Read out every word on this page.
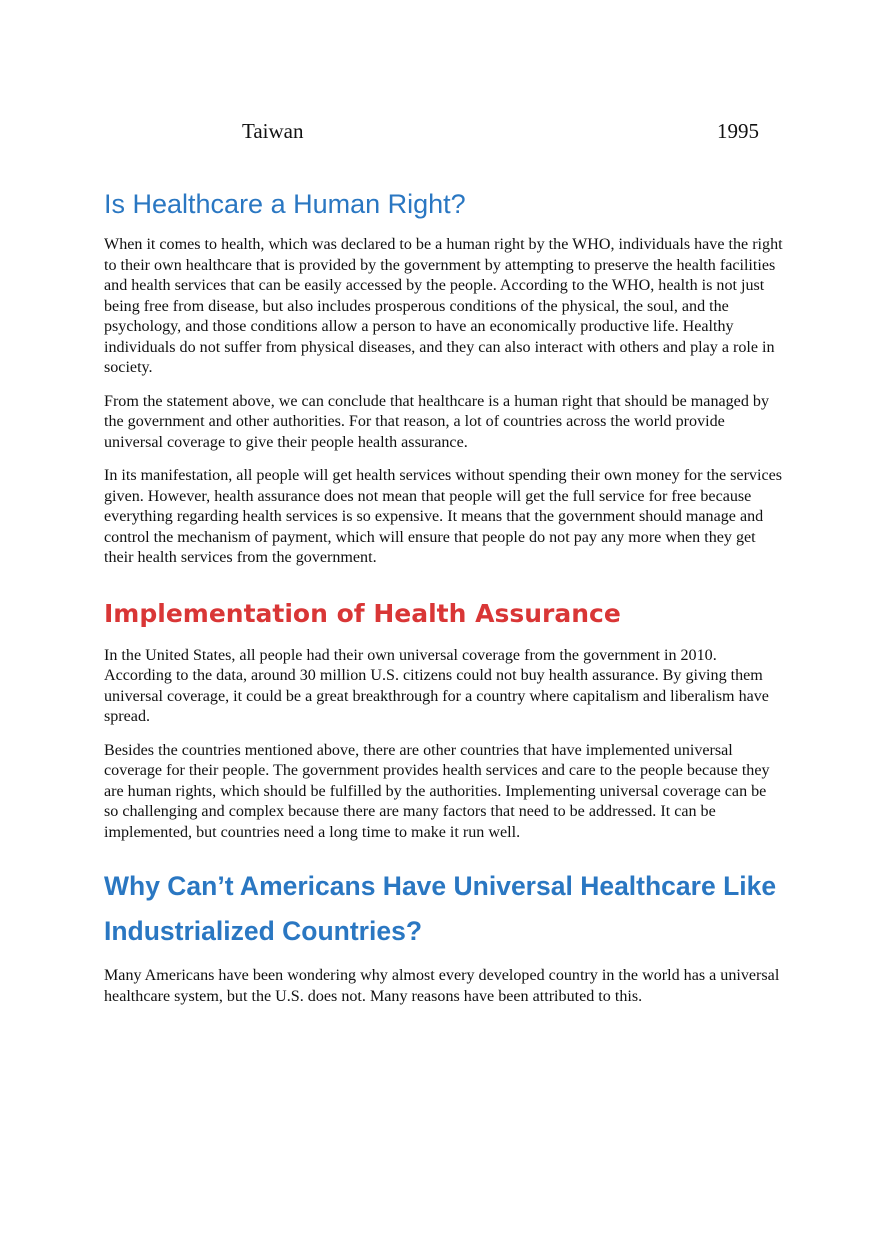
Taiwan	1995
Is Healthcare a Human Right?

When it comes to health, which was declared to be a human right by the WHO, individuals have the right to their own healthcare that is provided by the government by attempting to preserve the health facilities and health services that can be easily accessed by the people. According to the WHO, health is not just being free from disease, but also includes prosperous conditions of the physical, the soul, and the psychology, and those conditions allow a person to have an economically productive life. Healthy individuals do not suffer from physical diseases, and they can also interact with others and play a role in society.

From the statement above, we can conclude that healthcare is a human right that should be managed by the government and other authorities. For that reason, a lot of countries across the world provide universal coverage to give their people health assurance.

In its manifestation, all people will get health services without spending their own money for the services given. However, health assurance does not mean that people will get the full service for free because everything regarding health services is so expensive. It means that the government should manage and control the mechanism of payment, which will ensure that people do not pay any more when they get their health services from the government.

Implementation of Health Assurance

In the United States, all people had their own universal coverage from the government in 2010. According to the data, around 30 million U.S. citizens could not buy health assurance. By giving them universal coverage, it could be a great breakthrough for a country where capitalism and liberalism have spread.

Besides the countries mentioned above, there are other countries that have implemented universal coverage for their people. The government provides health services and care to the people because they are human rights, which should be fulfilled by the authorities. Implementing universal coverage can be so challenging and complex because there are many factors that need to be addressed. It can be implemented, but countries need a long time to make it run well.

Why Can’t Americans Have Universal Healthcare Like Industrialized Countries?

Many Americans have been wondering why almost every developed country in the world has a universal healthcare system, but the U.S. does not. Many reasons have been attributed to this.
